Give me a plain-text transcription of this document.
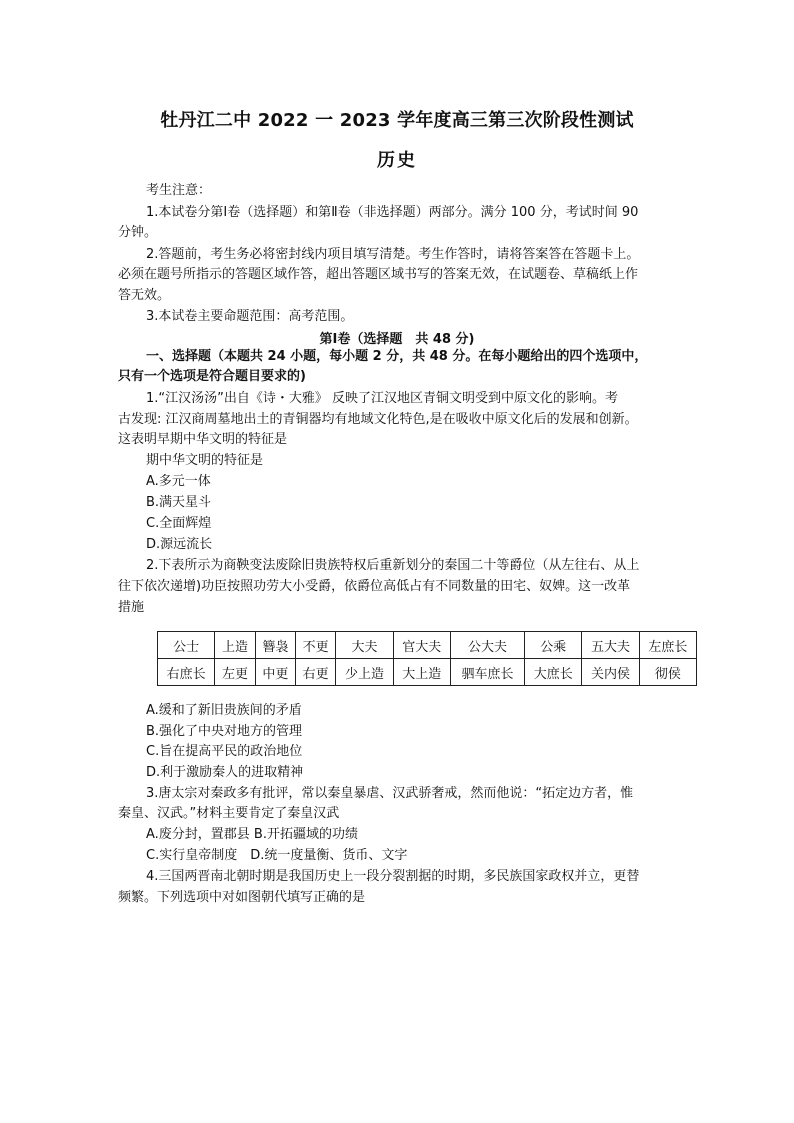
牡丹江二中 2022 一 2023 学年度高三第三次阶段性测试
历史
考生注意：
1.本试卷分第Ⅰ卷（选择题）和第Ⅱ卷（非选择题）两部分。满分 100 分，考试时间 90
分钟。
2.答题前，考生务必将密封线内项目填写清楚。考生作答时，请将答案答在答题卡上。
必须在题号所指示的答题区域作答，超出答题区域书写的答案无效，在试题卷、草稿纸上作
答无效。
3.本试卷主要命题范围：高考范围。
第Ⅰ卷（选择题　共 48 分)
一、选择题（本题共 24 小题，每小题 2 分，共 48 分。在每小题给出的四个选项中，
只有一个选项是符合题目要求的)
1.“江汉汤汤”出自《诗・大雅》 反映了江汉地区青铜文明受到中原文化的影响。考
古发现: 江汉商周墓地出土的青铜器均有地域文化特色,是在吸收中原文化后的发展和创新。
这表明早期中华文明的特征是
期中华文明的特征是
A.多元一体
B.满天星斗
C.全面辉煌
D.源远流长
2.下表所示为商鞅变法废除旧贵族特权后重新划分的秦国二十等爵位（从左往右、从上
往下依次递增)功臣按照功劳大小受爵，依爵位高低占有不同数量的田宅、奴婢。这一改革
措施
公士	上造	簪袅	不更	大夫	官大夫	公大夫	公乘	五大夫	左庶长
右庶长	左更	中更	右更	少上造	大上造	驷车庶长	大庶长	关内侯	彻侯
A.缓和了新旧贵族间的矛盾
B.强化了中央对地方的管理
C.旨在提高平民的政治地位
D.利于激励秦人的进取精神
3.唐太宗对秦政多有批评，常以秦皇暴虐、汉武骄奢戒，然而他说：“拓定边方者，惟
秦皇、汉武。”材料主要肯定了秦皇汉武
A.废分封，置郡县 B.开拓疆域的功绩
C.实行皇帝制度　D.统一度量衡、货币、文字
4.三国两晋南北朝时期是我国历史上一段分裂割据的时期，多民族国家政权并立，更替
频繁。下列选项中对如图朝代填写正确的是
